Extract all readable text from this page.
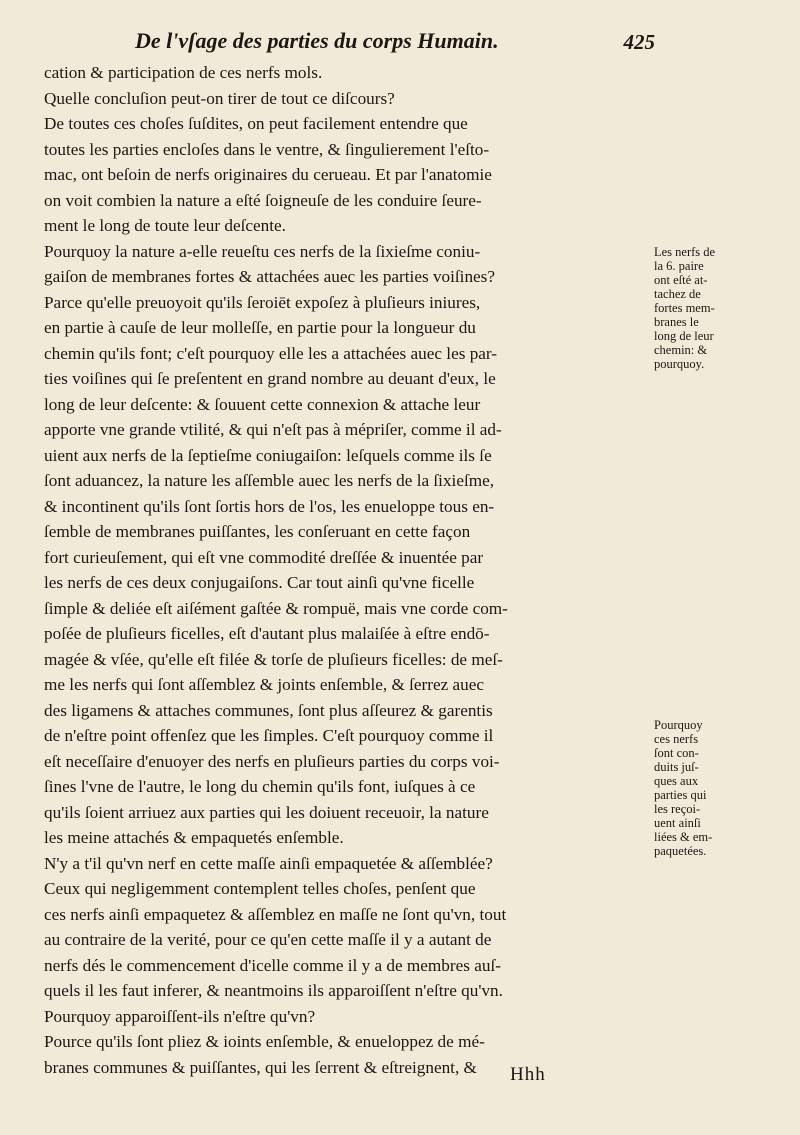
De l'vſage des parties du corps Humain.	425
cation & participation de ces nerfs mols.
Quelle concluſion peut-on tirer de tout ce diſcours?
De toutes ces choſes ſuſdites, on peut facilement entendre que
toutes les parties encloſes dans le ventre, & ſingulierement l'eſto-
mac, ont beſoin de nerfs originaires du cerueau. Et par l'anatomie
on voit combien la nature a eſté ſoigneuſe de les conduire ſeure-
ment le long de toute leur deſcente.
Pourquoy la nature a-elle reueſtu ces nerfs de la ſixieſme coniu-
gaiſon de membranes fortes & attachées auec les parties voiſines?
Parce qu'elle preuoyoit qu'ils ſeroiēt expoſez à pluſieurs iniures,
en partie à cauſe de leur molleſſe, en partie pour la longueur du
chemin qu'ils font; c'eſt pourquoy elle les a attachées auec les par-
ties voiſines qui ſe preſentent en grand nombre au deuant d'eux, le
long de leur deſcente: & ſouuent cette connexion & attache leur
apporte vne grande vtilité, & qui n'eſt pas à mépriſer, comme il ad-
uient aux nerfs de la ſeptieſme coniugaiſon: leſquels comme ils ſe
ſont aduancez, la nature les aſſemble auec les nerfs de la ſixieſme,
& incontinent qu'ils ſont ſortis hors de l'os, les enueloppe tous en-
ſemble de membranes puiſſantes, les conſeruant en cette façon
fort curieuſement, qui eſt vne commodité dreſſée & inuentée par
les nerfs de ces deux conjugaiſons. Car tout ainſi qu'vne ficelle
ſimple & deliée eſt aiſément gaſtée & rompuë, mais vne corde com-
poſée de pluſieurs ficelles, eſt d'autant plus malaiſée à eſtre endō-
magée & vſée, qu'elle eſt filée & torſe de pluſieurs ficelles: de meſ-
me les nerfs qui ſont aſſemblez & joints enſemble, & ſerrez auec
des ligamens & attaches communes, ſont plus aſſeurez & garentis
de n'eſtre point offenſez que les ſimples. C'eſt pourquoy comme il
eſt neceſſaire d'enuoyer des nerfs en pluſieurs parties du corps voi-
ſines l'vne de l'autre, le long du chemin qu'ils font, iuſques à ce
qu'ils ſoient arriuez aux parties qui les doiuent receuoir, la nature
les meine attachés & empaquetés enſemble.
N'y a t'il qu'vn nerf en cette maſſe ainſi empaquetée & aſſemblée?
Ceux qui negligemment contemplent telles choſes, penſent que
ces nerfs ainſi empaquetez & aſſemblez en maſſe ne ſont qu'vn, tout
au contraire de la verité, pour ce qu'en cette maſſe il y a autant de
nerfs dés le commencement d'icelle comme il y a de membres auſ-
quels il les faut inferer, & neantmoins ils apparoiſſent n'eſtre qu'vn.
Pourquoy apparoiſſent-ils n'eſtre qu'vn?
Pource qu'ils ſont pliez & ioints enſemble, & enueloppez de mé-
branes communes & puiſſantes, qui les ſerrent & eſtreignent, &
Les nerfs de
la 6. paire
ont eſté at-
tachez de
fortes mem-
branes le
long de leur
chemin: &
pourquoy.
Pourquoy
ces nerfs
ſont con-
duits juſ-
ques aux
parties qui
les reçoi-
uent ainſi
liées & em-
paquetées.
Hhh
